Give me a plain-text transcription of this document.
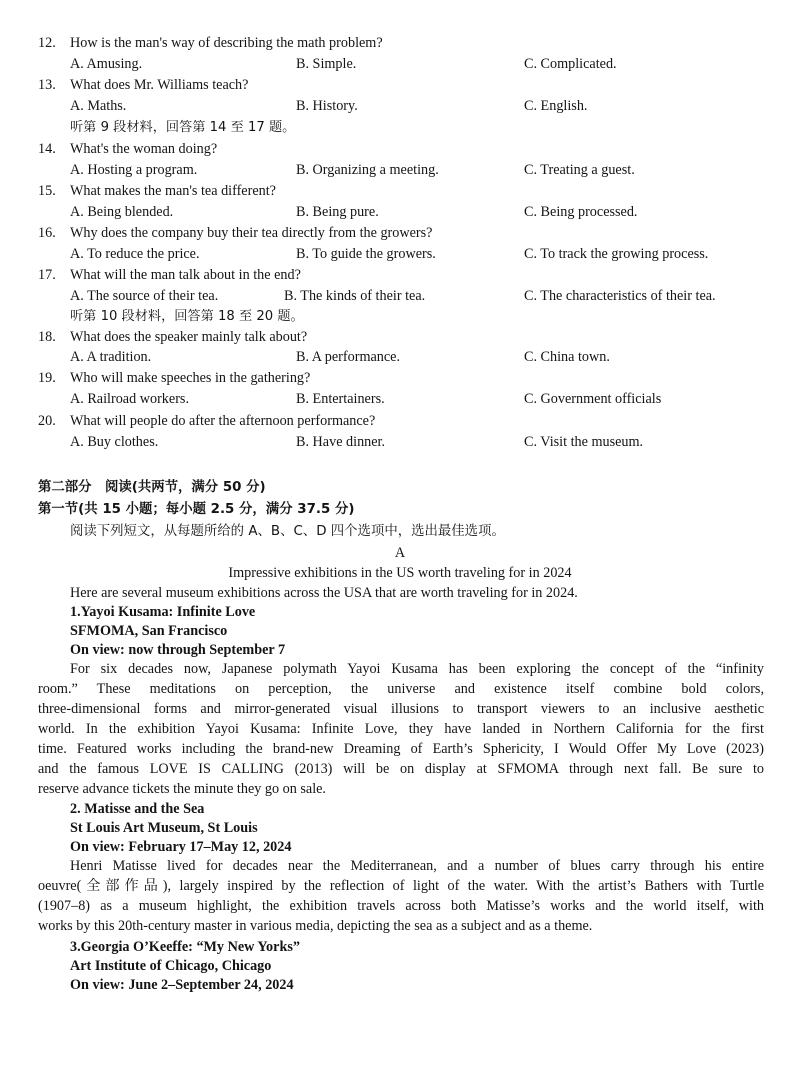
12. How is the man's way of describing the math problem?
A. Amusing.	B. Simple.	C. Complicated.
13. What does Mr. Williams teach?
A. Maths.	B. History.	C. English.
听第 9 段材料，回答第 14 至 17 题。
14. What's the woman doing?
A. Hosting a program.	B. Organizing a meeting.	C. Treating a guest.
15. What makes the man's tea different?
A. Being blended.	B. Being pure.	C. Being processed.
16. Why does the company buy their tea directly from the growers?
A. To reduce the price.	B. To guide the growers.	C. To track the growing process.
17. What will the man talk about in the end?
A. The source of their tea.	B. The kinds of their tea.	C. The characteristics of their tea.
听第 10 段材料，回答第 18 至 20 题。
18. What does the speaker mainly talk about?
A. A tradition.	B. A performance.	C. China town.
19. Who will make speeches in the gathering?
A. Railroad workers.	B. Entertainers.	C. Government officials
20. What will people do after the afternoon performance?
A. Buy clothes.	B. Have dinner.	C. Visit the museum.
第二部分　阅读(共两节，满分 50 分)
第一节(共 15 小题；每小题 2.5 分，满分 37.5 分)
阅读下列短文，从每题所给的 A、B、C、D 四个选项中，选出最佳选项。
A
Impressive exhibitions in the US worth traveling for in 2024
Here are several museum exhibitions across the USA that are worth traveling for in 2024.
1.Yayoi Kusama: Infinite Love
SFMOMA, San Francisco
On view: now through September 7
For six decades now, Japanese polymath Yayoi Kusama has been exploring the concept of the “infinity
room.” These meditations on perception, the universe and existence itself combine bold colors,
three-dimensional forms and mirror-generated visual illusions to transport viewers to an inclusive aesthetic
world. In the exhibition Yayoi Kusama: Infinite Love, they have landed in Northern California for the first
time. Featured works including the brand-new Dreaming of Earth’s Sphericity, I Would Offer My Love (2023)
and the famous LOVE IS CALLING (2013) will be on display at SFMOMA through next fall. Be sure to
reserve advance tickets the minute they go on sale.
2. Matisse and the Sea
St Louis Art Museum, St Louis
On view: February 17–May 12, 2024
Henri Matisse lived for decades near the Mediterranean, and a number of blues carry through his entire
oeuvre(全部作品), largely inspired by the reflection of light of the water. With the artist’s Bathers with Turtle
(1907–8) as a museum highlight, the exhibition travels across both Matisse’s works and the world itself, with
works by this 20th-century master in various media, depicting the sea as a subject and as a theme.
3.Georgia O’Keeffe: “My New Yorks”
Art Institute of Chicago, Chicago
On view: June 2–September 24, 2024
